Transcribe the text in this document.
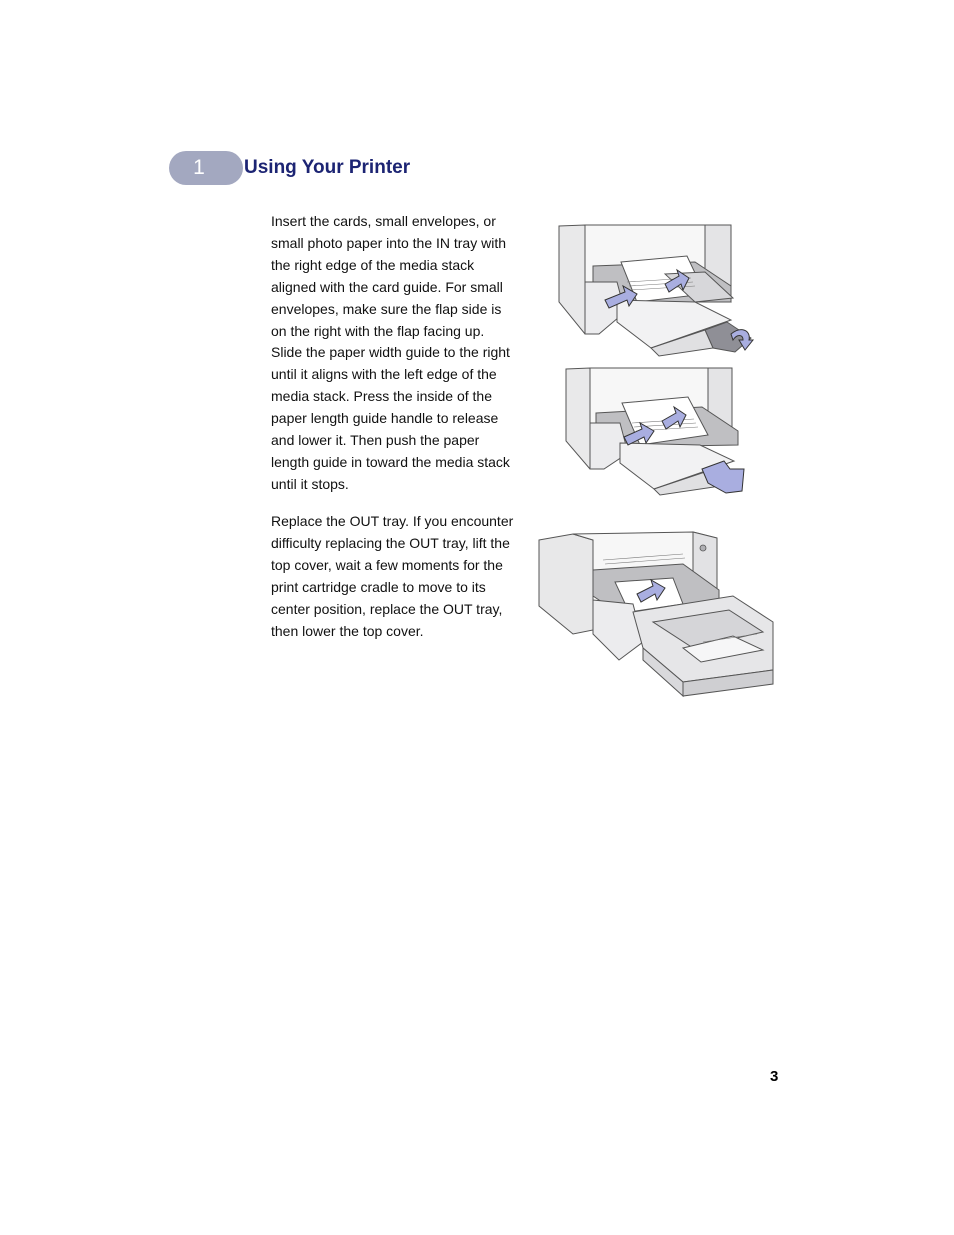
1	Using Your Printer

Insert the cards, small envelopes, or small photo paper into the IN tray with the right edge of the media stack aligned with the card guide. For small envelopes, make sure the flap side is on the right with the flap facing up. Slide the paper width guide to the right until it aligns with the left edge of the media stack. Press the inside of the paper length guide handle to release and lower it. Then push the paper length guide in toward the media stack until it stops.

Replace the OUT tray. If you encounter difficulty replacing the OUT tray, lift the top cover, wait a few moments for the print cartridge cradle to move to its center position, replace the OUT tray, then lower the top cover.

3
